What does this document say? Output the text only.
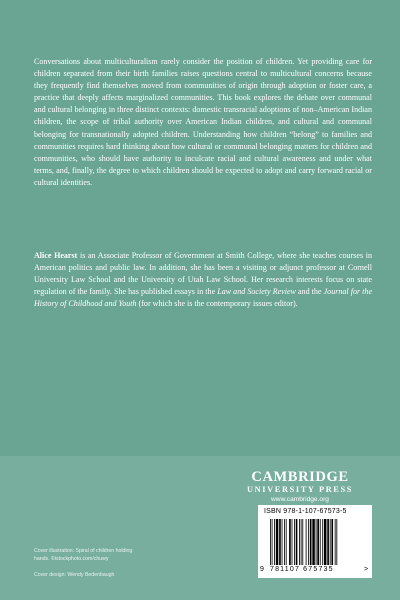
Conversations about multiculturalism rarely consider the position of children. Yet providing care for children separated from their birth families raises questions central to multicultural concerns because they frequently find themselves moved from communities of origin through adoption or foster care, a practice that deeply affects marginalized communities. This book explores the debate over communal and cultural belonging in three distinct contexts: domestic transracial adoptions of non–American Indian children, the scope of tribal authority over American Indian children, and cultural and communal belonging for transnationally adopted children. Understanding how children “belong” to families and communities requires hard thinking about how cultural or communal belonging matters for children and communities, who should have authority to inculcate racial and cultural awareness and under what terms, and, finally, the degree to which children should be expected to adopt and carry forward racial or cultural identities.

Alice Hearst is an Associate Professor of Government at Smith College, where she teaches courses in American politics and public law. In addition, she has been a visiting or adjunct professor at Cornell University Law School and the University of Utah Law School. Her research interests focus on state regulation of the family. She has published essays in the Law and Society Review and the Journal for the History of Childhood and Youth (for which she is the contemporary issues editor).

CAMBRIDGE
UNIVERSITY PRESS
www.cambridge.org
ISBN 978-1-107-67573-5
9 781107 675735	>

Cover illustration: Spiral of children holding

hands. ©istockphoto.com/chuwy

Cover design: Wendy Bedenbaugh
